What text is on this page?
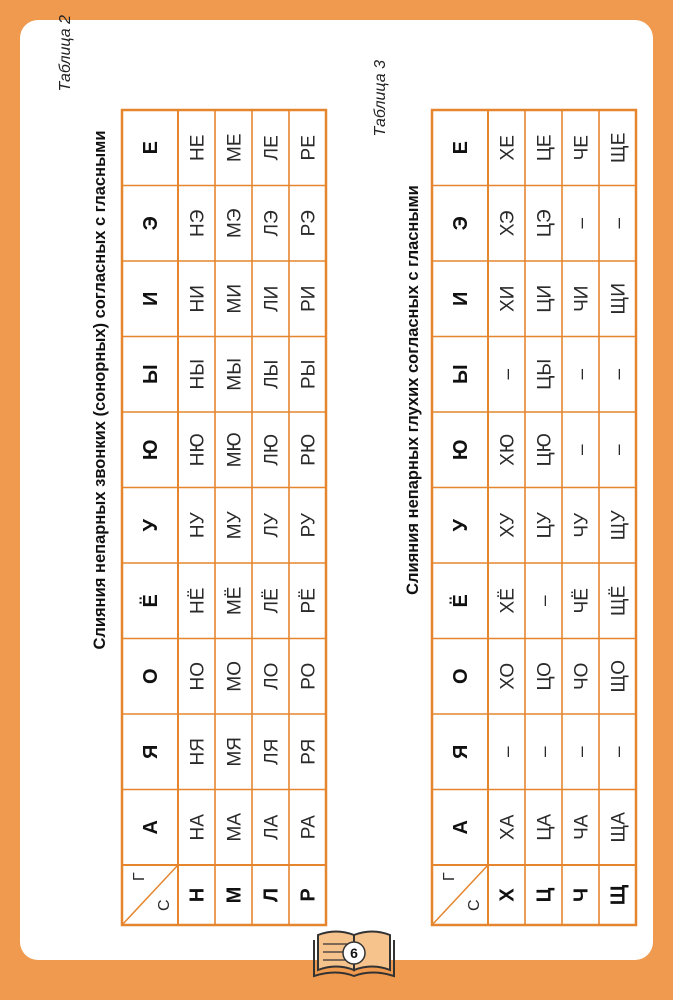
Таблица 2
Слияния непарных звонких (сонорных) согласных с гласными
С
Г
А
Я
О
Ё
У
Ю
Ы
И
Э
Е
Н
НА
НЯ
НО
НЁ
НУ
НЮ
НЫ
НИ
НЭ
НЕ
М
МА
МЯ
МО
МЁ
МУ
МЮ
МЫ
МИ
МЭ
МЕ
Л
ЛА
ЛЯ
ЛО
ЛЁ
ЛУ
ЛЮ
ЛЫ
ЛИ
ЛЭ
ЛЕ
Р
РА
РЯ
РО
РЁ
РУ
РЮ
РЫ
РИ
РЭ
РЕ
Таблица 3
Слияния непарных глухих согласных с гласными
С
Г
А
Я
О
Ё
У
Ю
Ы
И
Э
Е
Х
ХА
–
ХО
ХЁ
ХУ
ХЮ
–
ХИ
ХЭ
ХЕ
Ц
ЦА
–
ЦО
–
ЦУ
ЦЮ
ЦЫ
ЦИ
ЦЭ
ЦЕ
Ч
ЧА
–
ЧО
ЧЁ
ЧУ
–
–
ЧИ
–
ЧЕ
Щ
ЩА
–
ЩО
ЩЁ
ЩУ
–
–
ЩИ
–
ЩЕ
6
